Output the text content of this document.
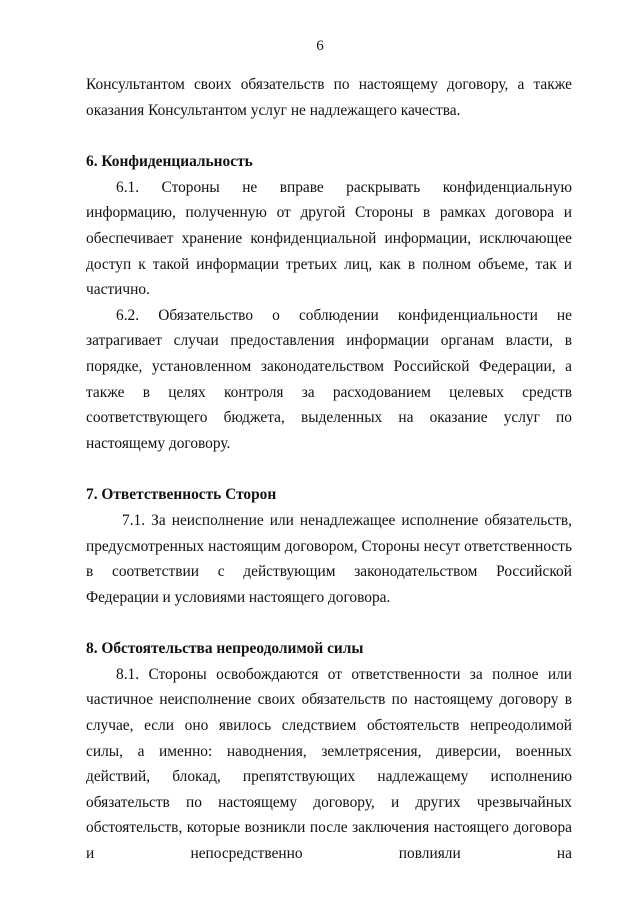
6

Консультантом своих обязательств по настоящему договору, а также оказания Консультантом услуг не надлежащего качества.

6. Конфиденциальность

6.1. Стороны не вправе раскрывать конфиденциальную информацию, полученную от другой Стороны в рамках договора и обеспечивает хранение конфиденциальной информации, исключающее доступ к такой информации третьих лиц, как в полном объеме, так и частично.

6.2. Обязательство о соблюдении конфиденциальности не затрагивает случаи предоставления информации органам власти, в порядке, установленном законодательством Российской Федерации, а также в целях контроля за расходованием целевых средств соответствующего бюджета, выделенных на оказание услуг по настоящему договору.

7. Ответственность Сторон

7.1. За неисполнение или ненадлежащее исполнение обязательств, предусмотренных настоящим договором, Стороны несут ответственность в соответствии с действующим законодательством Российской Федерации и условиями настоящего договора.

8. Обстоятельства непреодолимой силы

8.1. Стороны освобождаются от ответственности за полное или частичное неисполнение своих обязательств по настоящему договору в случае, если оно явилось следствием обстоятельств непреодолимой силы, а именно: наводнения, землетрясения, диверсии, военных действий, блокад, препятствующих надлежащему исполнению обязательств по настоящему договору, и других чрезвычайных обстоятельств, которые возникли после заключения настоящего договора и непосредственно повлияли на
